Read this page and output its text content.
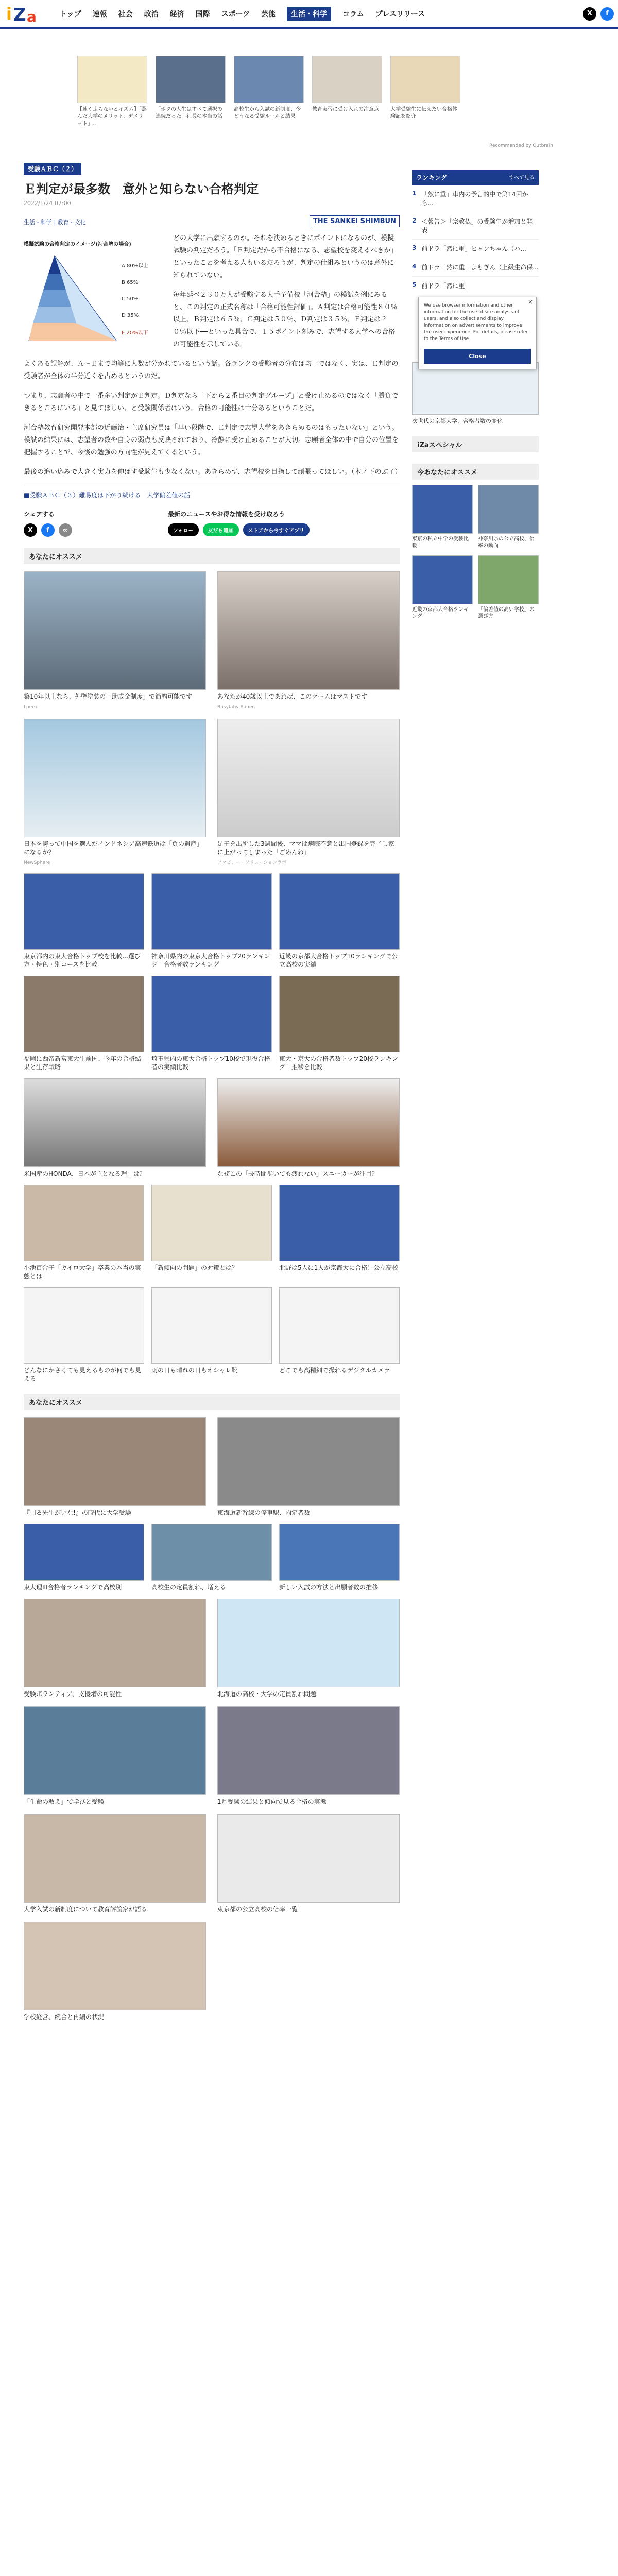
i Z a	トップ 速報 社会 政治 経済 国際 スポーツ 芸能	生活・科学	コラム プレスリリース	X	f

【速く走らないとイズム】「選んだ大学のメリット、デメリット」…

「ボクの人生はすべて選択の連続だった」社長の本当の話

高校生から入試の新制度、今どうなる受験ルールと結果

教育実習に受け入れの注意点	大学受験生に伝えたい合格体験記を紹介

Recommended by Outbrain
受験ＡＢＣ（２）
Ｅ判定が最多数　意外と知らない合格判定
2022/1/24 07:00
生活・科学 | 教育・文化	THE SANKEI SHIMBUN
模擬試験の合格判定のイメージ(河合塾の場合)
A 80%以上
B 65%
C 50%
D 35%
E 20%以下

どの大学に出願するのか。それを決めるときにポイントになるのが、模擬試験の判定だろう。「Ｅ判定だから不合格になる、志望校を変えるべきか」といったことを考える人もいるだろうが、判定の仕組みというのは意外に知られていない。

毎年延べ２３０万人が受験する大手予備校「河合塾」の模試を例にみると、この判定の正式名称は「合格可能性評価」。Ａ判定は合格可能性８０％以上、Ｂ判定は６５％、Ｃ判定は５０％、Ｄ判定は３５％、Ｅ判定は２０％以下──といった具合で、１５ポイント刻みで、志望する大学への合格の可能性を示している。

よくある誤解が、Ａ〜Ｅまで均等に人数が分かれているという話。各ランクの受験者の分布は均一ではなく、実は、Ｅ判定の受験者が全体の半分近くを占めるというのだ。

つまり、志願者の中で一番多い判定がＥ判定。Ｄ判定なら「下から２番目の判定グループ」と受け止めるのではなく「勝負できるところにいる」と見てほしい、と受験関係者はいう。合格の可能性は十分あるということだ。

河合塾教育研究開発本部の近藤治・主席研究員は「早い段階で、Ｅ判定で志望大学をあきらめるのはもったいない」という。模試の結果には、志望者の数や自身の弱点も反映されており、冷静に受け止めることが大切。志願者全体の中で自分の位置を把握することで、今後の勉強の方向性が見えてくるという。

最後の追い込みで大きく実力を伸ばす受験生も少なくない。あきらめず、志望校を目指して頑張ってほしい。（木ノ下のぶ子）

■受験ＡＢＣ（３）難易度は下がり続ける　大学偏差値の話
シェアする
X	f	∞
最新のニュースやお得な情報を受け取ろう
フォロー	友だち追加	ストアから今すぐアプリ
あなたにオススメ

築10年以上なら、外壁塗装の「助成金制度」で節約可能です

Lpeex

あなたが40歳以上であれば、このゲームはマストです

Busyfahy Bauen

日本を誇って中国を選んだインドネシア高速鉄道は「負の遺産」になるか？

NewSphere

足子を出所した3週間後、ママは病院不意と出国登録を完了し家に上がってしまった「ごめんね」

ファビュー・ソリューションラボ

東京都内の東大合格トップ校を比較...選び方・特色・別コースを比較

神奈川県内の東京大合格トップ20ランキング　合格者数ランキング

近畿の京都大合格トップ10ランキングで公立高校の実績

福岡に西帝新富東大生前国、今年の合格結果と生存戦略

埼玉県内の東大合格トップ10校で現役合格者の実績比較

東大・京大の合格者数トップ20校ランキング　推移を比較

米国産のHONDA、日本が主となる理由は？	なぜこの「長時間歩いても疲れない」スニーカーが注目？

小池百合子「カイロ大学」卒業の本当の実態とは

「新傾向の問題」の対策とは？	北野は5人に1人が京都大に合格！公立高校

どんなにかさくても見えるものが何でも見える

雨の日も晴れの日もオシャレ靴	どこでも高精細で撮れるデジタルカメラ

あなたにオススメ

『司る先生がいな!』の時代に大学受験	東海道新幹線の停車駅、内定者数

東大理III合格者ランキングで高校別	高校生の定員割れ、増える	新しい入試の方法と出願者数の推移

受験ボランティア、支援増の可能性	北海道の高校・大学の定員割れ問題

「生命の教え」で学びと受験	1月受験の結果と傾向で見る合格の実態

大学入試の新制度について教育評論家が語る	東京都の公立高校の倍率一覧

学校経営、統合と再編の状況

ランキング	すべて見る
1 「然に重」車内の予言的中で第14回から...
2 ＜報告＞「宗教仏」の受験生が増加と発表
3 前ドラ「然に重」ヒャンちゃん（ハ...
4 前ドラ「然に重」よもぎん（上級生命保...
5 前ドラ「然に重」
×
We use browser information and other information for the use of site analysis of users, and also collect and display information on advertisements to improve the user experience. For details, please refer to the Terms of Use.
Close

次世代の京都大学、合格者数の変化

iZaスペシャル
今あなたにオススメ

東京の私立中学の受験比較

神奈川県の公立高校、倍率の動向

近畿の京都大合格ランキング

「偏差値の高い学校」の選び方
